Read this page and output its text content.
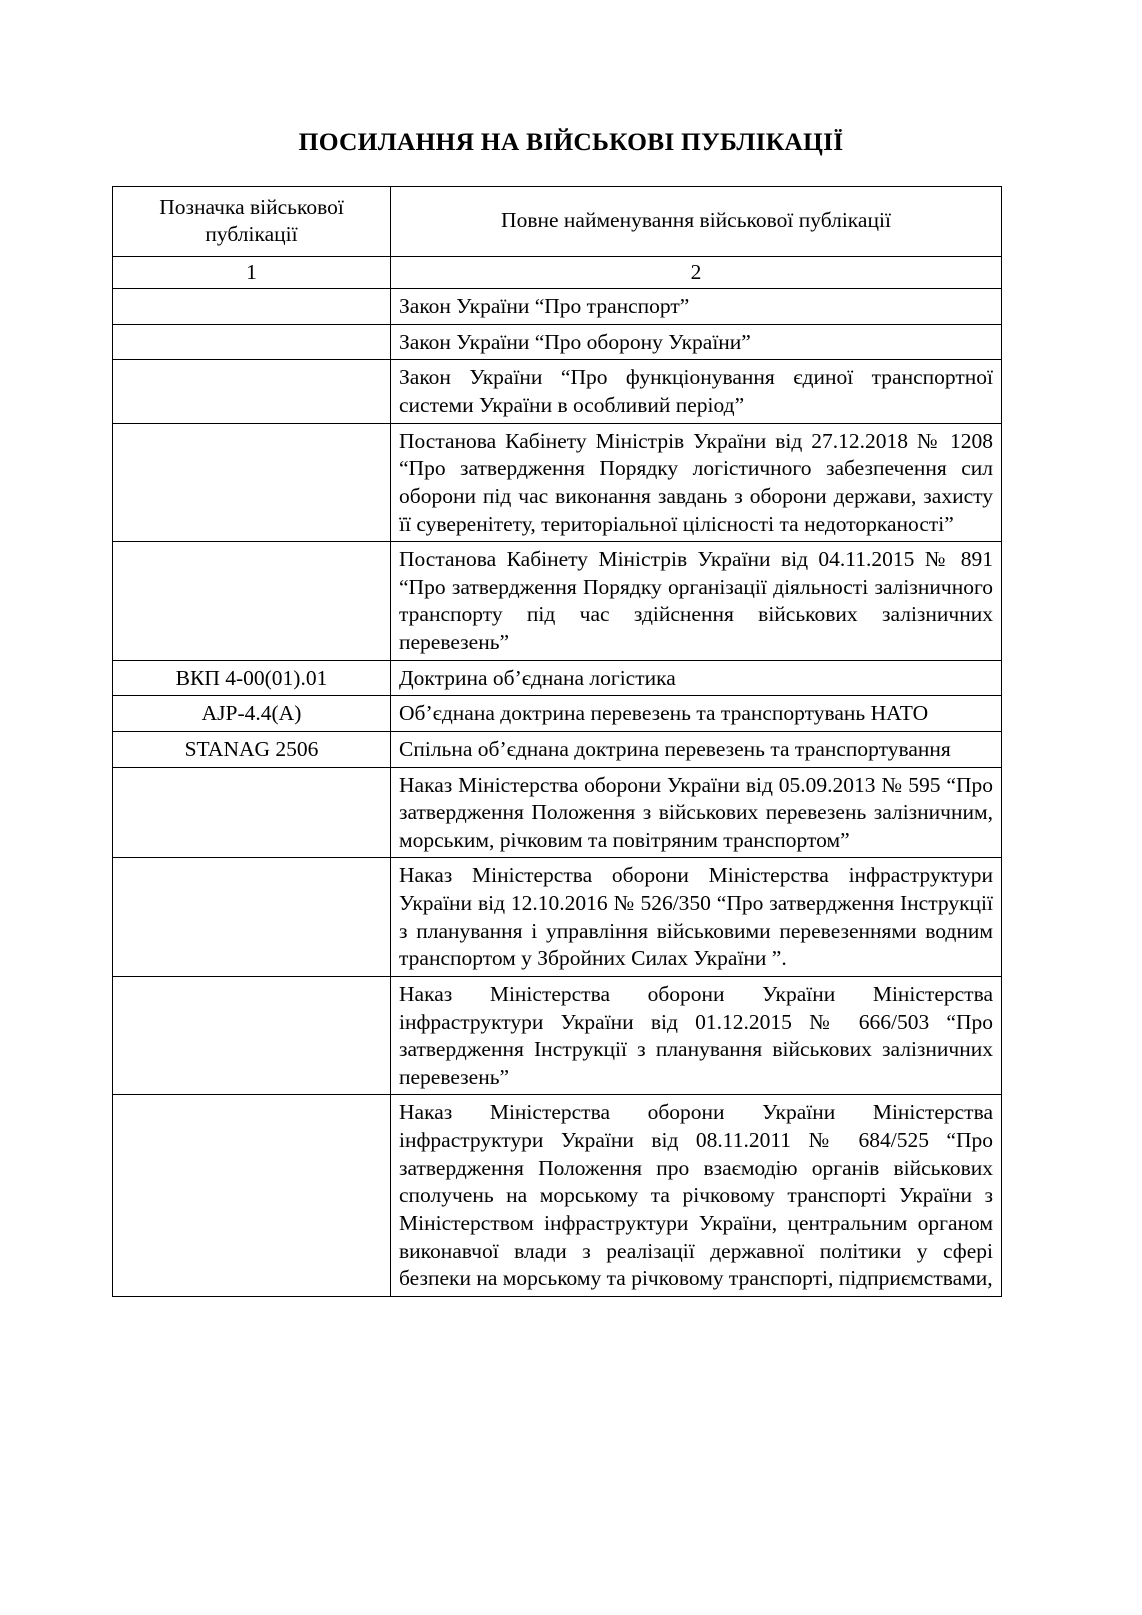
ПОСИЛАННЯ НА ВІЙСЬКОВІ ПУБЛІКАЦІЇ
Позначка військової публікації	Повне найменування військової публікації
1	2
	Закон України “Про транспорт”
	Закон України “Про оборону України”
	Закон України “Про функціонування єдиної транспортної системи України в особливий період”
	Постанова Кабінету Міністрів України від 27.12.2018 № 1208 “Про затвердження Порядку логістичного забезпечення сил оборони під час виконання завдань з оборони держави, захисту її суверенітету, територіальної цілісності та недоторканості”
	Постанова Кабінету Міністрів України від 04.11.2015 № 891 “Про затвердження Порядку організації діяльності залізничного транспорту під час здійснення військових залізничних перевезень”
ВКП 4-00(01).01	Доктрина об’єднана логістика
AJP-4.4(A)	Об’єднана доктрина перевезень та транспортувань НАТО
STANAG 2506	Спільна об’єднана доктрина перевезень та транспортування
	Наказ Міністерства оборони України від 05.09.2013 № 595 “Про затвердження Положення з військових перевезень залізничним, морським, річковим та повітряним транспортом”
	Наказ Міністерства оборони Міністерства інфраструктури України від 12.10.2016 № 526/350 “Про затвердження Інструкції з планування і управління військовими перевезеннями водним транспортом у Збройних Силах України ”.
	Наказ Міністерства оборони України Міністерства інфраструктури України від 01.12.2015 № 666/503 “Про затвердження Інструкції з планування військових залізничних перевезень”
	Наказ Міністерства оборони України Міністерства інфраструктури України від 08.11.2011 № 684/525 “Про затвердження Положення про взаємодію органів військових сполучень на морському та річковому транспорті України з Міністерством інфраструктури України, центральним органом виконавчої влади з реалізації державної політики у сфері безпеки на морському та річковому транспорті, підприємствами,
